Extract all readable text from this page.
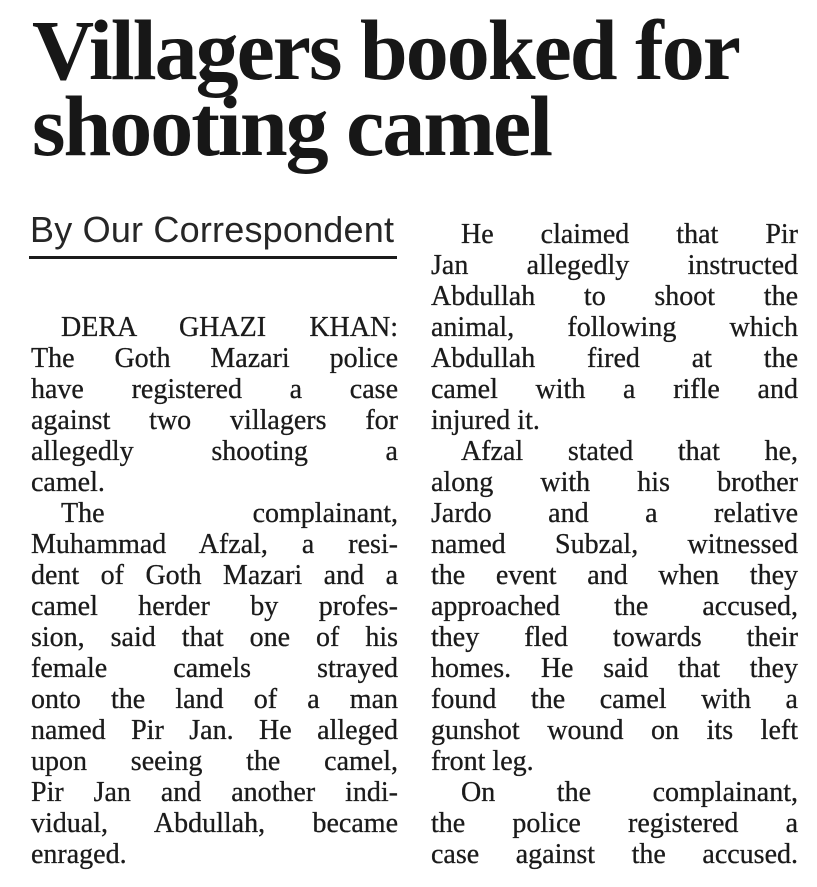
Villagers booked for
shooting camel
By Our Correspondent
DERA GHAZI KHAN:
The Goth Mazari police
have registered a case
against two villagers for
allegedly shooting a
camel.
The complainant,
Muhammad Afzal, a resi-
dent of Goth Mazari and a
camel herder by profes-
sion, said that one of his
female camels strayed
onto the land of a man
named Pir Jan. He alleged
upon seeing the camel,
Pir Jan and another indi-
vidual, Abdullah, became
enraged.
He claimed that Pir
Jan allegedly instructed
Abdullah to shoot the
animal, following which
Abdullah fired at the
camel with a rifle and
injured it.
Afzal stated that he,
along with his brother
Jardo and a relative
named Subzal, witnessed
the event and when they
approached the accused,
they fled towards their
homes. He said that they
found the camel with a
gunshot wound on its left
front leg.
On the complainant,
the police registered a
case against the accused.
